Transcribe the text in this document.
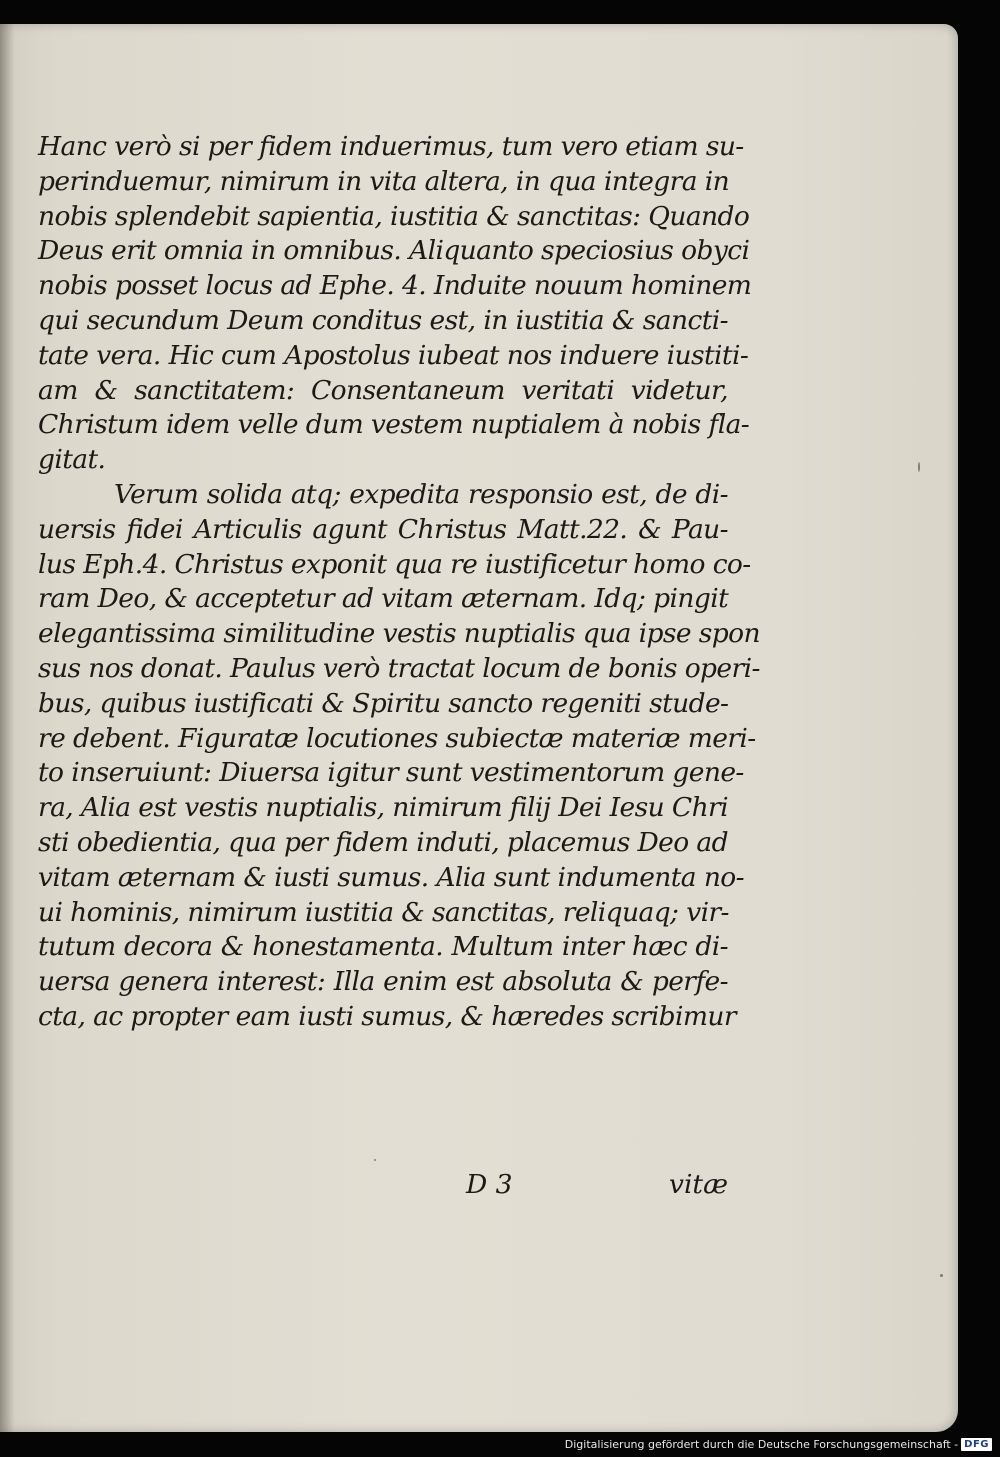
Hanc verò si per fidem induerimus, tum vero etiam su-
perinduemur, nimirum in vita altera, in qua integra in
nobis splendebit sapientia, iustitia & sanctitas: Quando
Deus erit omnia in omnibus. Aliquanto speciosius obyci
nobis posset locus ad Ephe. 4. Induite nouum hominem
qui secundum Deum conditus est, in iustitia & sancti-
tate vera. Hic cum Apostolus iubeat nos induere iustiti-
am & sanctitatem: Consentaneum veritati videtur,
Christum idem velle dum vestem nuptialem à nobis fla-
gitat.
Verum solida atq; expedita responsio est, de di-
uersis fidei Articulis agunt Christus Matt.22. & Pau-
lus Eph.4. Christus exponit qua re iustificetur homo co-
ram Deo, & acceptetur ad vitam æternam. Idq; pingit
elegantissima similitudine vestis nuptialis qua ipse spon
sus nos donat. Paulus verò tractat locum de bonis operi-
bus, quibus iustificati & Spiritu sancto regeniti stude-
re debent. Figuratæ locutiones subiectæ materiæ meri-
to inseruiunt: Diuersa igitur sunt vestimentorum gene-
ra, Alia est vestis nuptialis, nimirum filij Dei Iesu Chri
sti obedientia, qua per fidem induti, placemus Deo ad
vitam æternam & iusti sumus. Alia sunt indumenta no-
ui hominis, nimirum iustitia & sanctitas, reliquaq; vir-
tutum decora & honestamenta. Multum inter hæc di-
uersa genera interest: Illa enim est absoluta & perfe-
cta, ac propter eam iusti sumus, & hæredes scribimur
D 3	vitæ
Digitalisierung gefördert durch die Deutsche Forschungsgemeinschaft - DFG
